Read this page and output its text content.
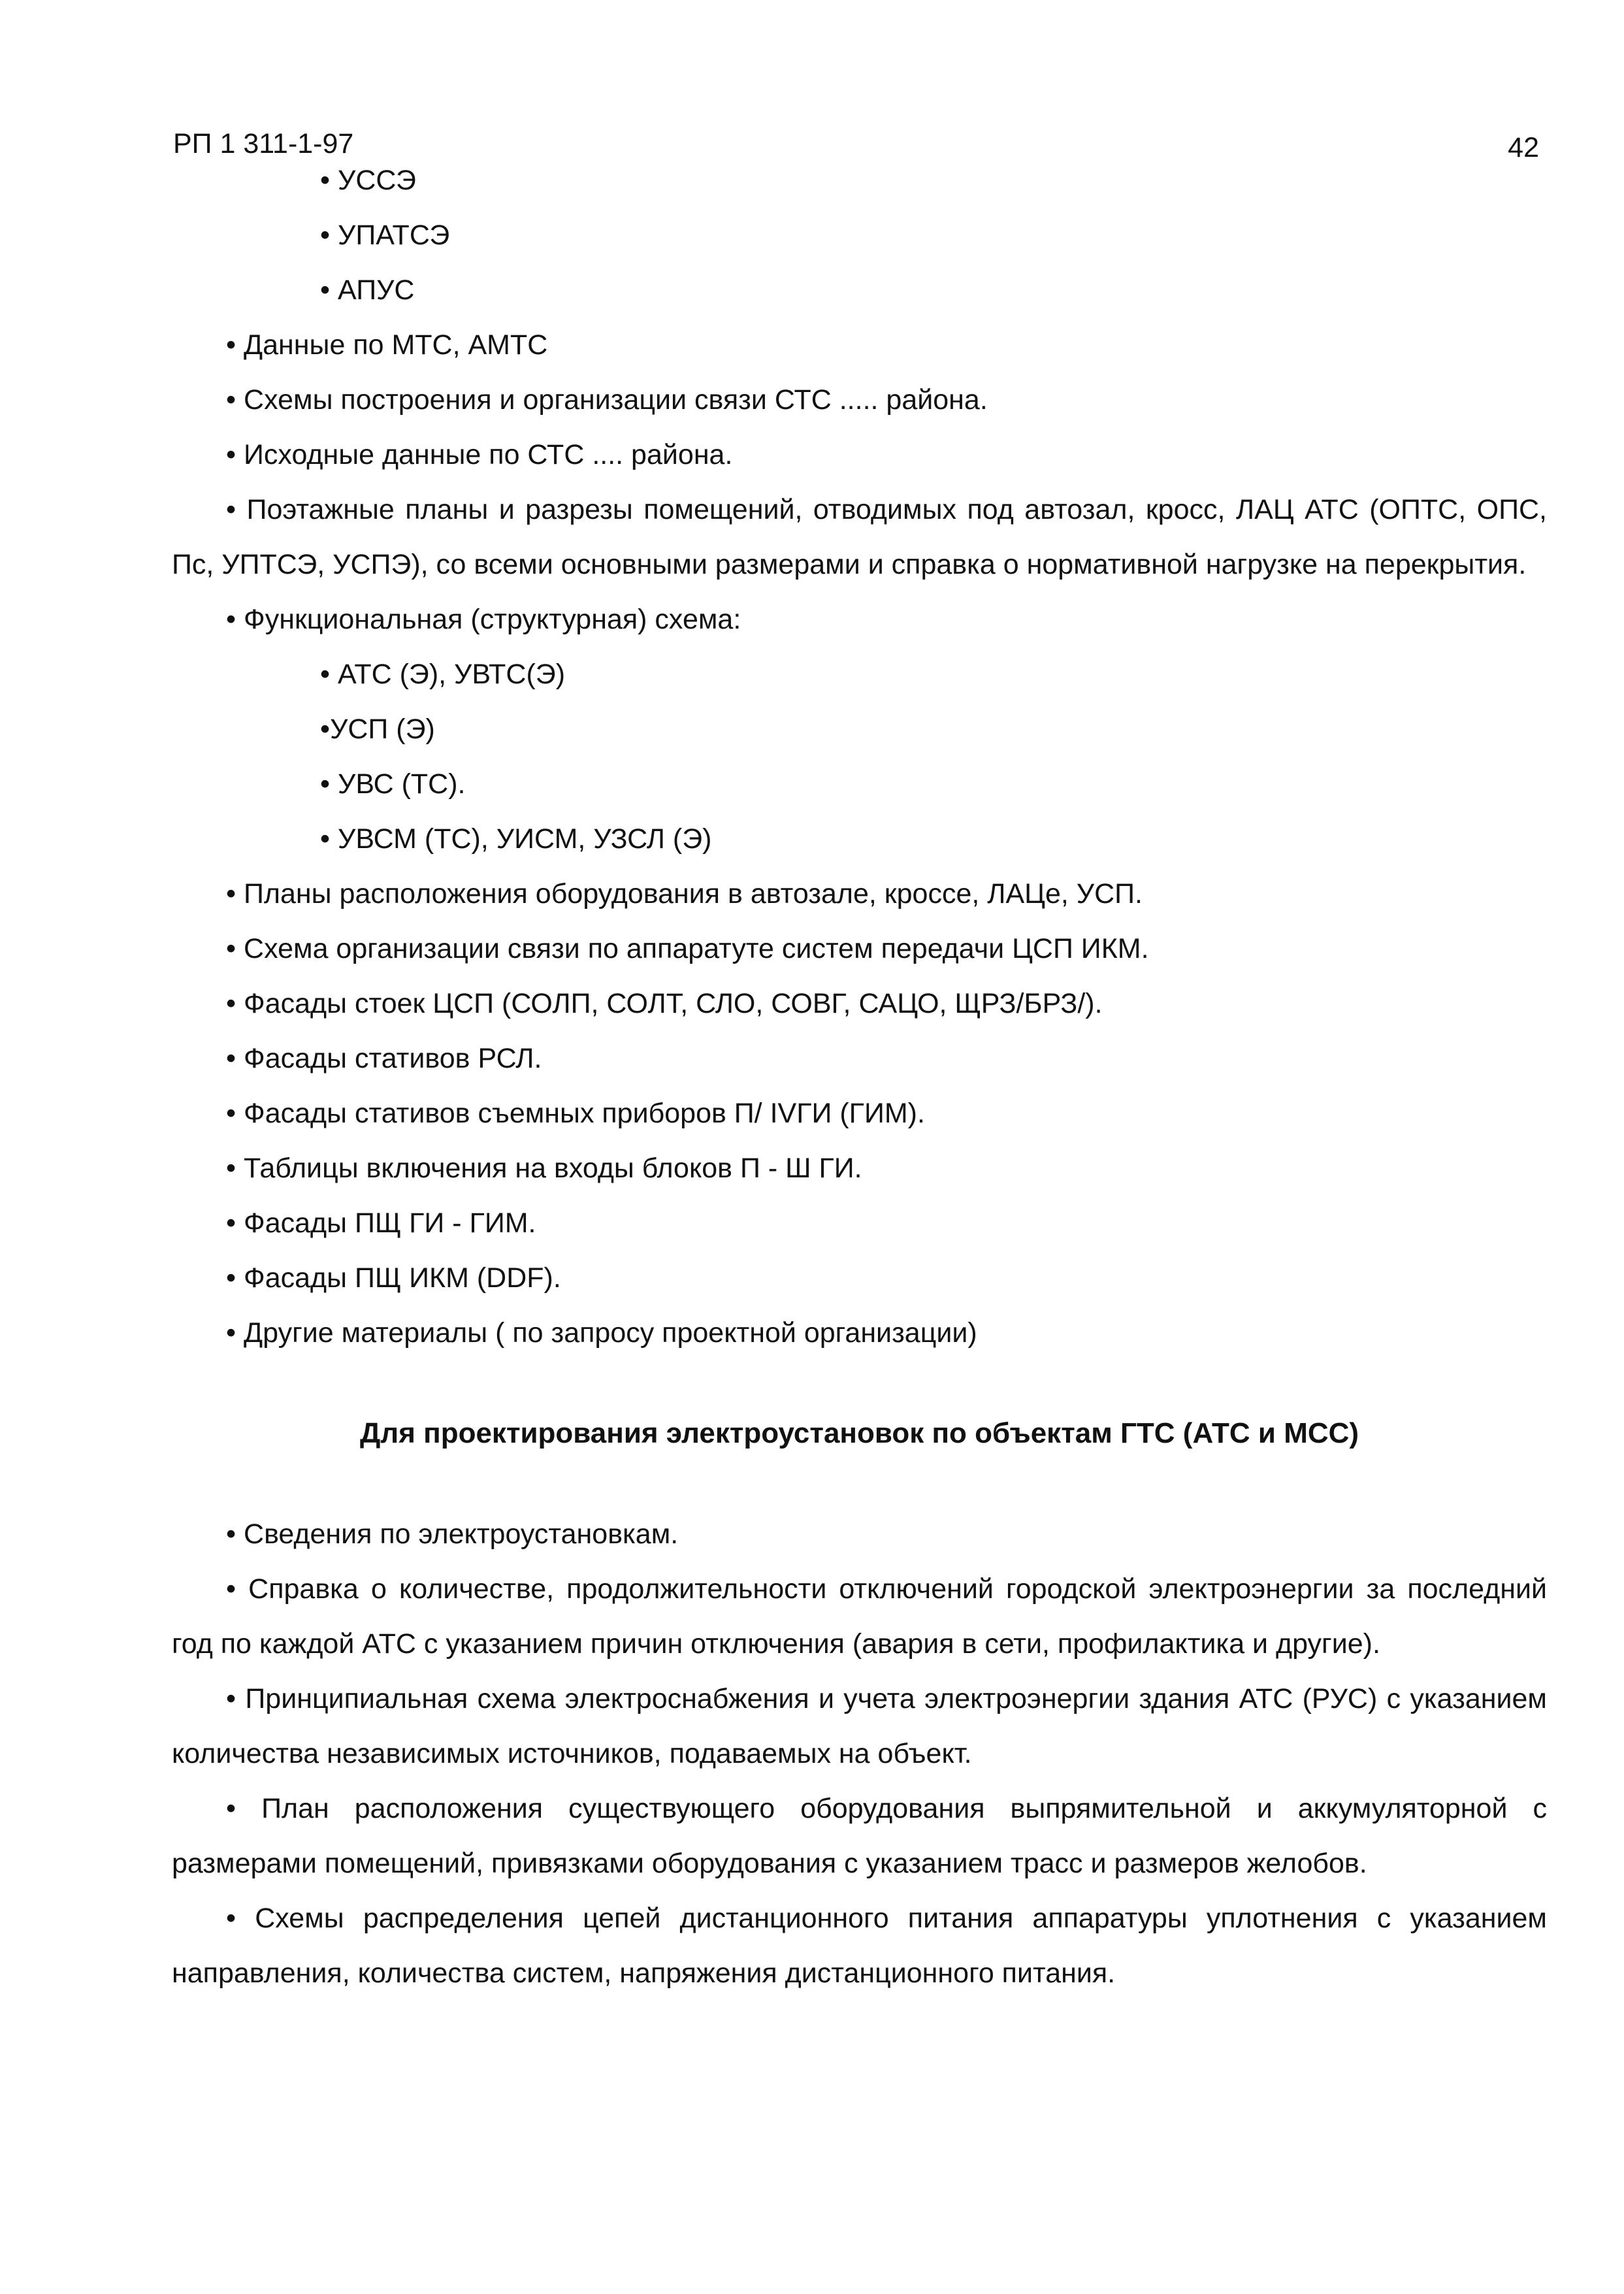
РП 1 311-1-97	42

• УССЭ

• УПАТСЭ

• АПУС

• Данные по МТС, АМТС

• Схемы построения и организации связи СТС ..... района.

• Исходные данные по СТС .... района.

• Поэтажные планы и разрезы помещений, отводимых под автозал, кросс, ЛАЦ АТС (ОПТС, ОПС, Пс, УПТСЭ, УСПЭ), со всеми основными размерами и справка о нормативной нагрузке на перекрытия.

• Функциональная (структурная) схема:

• АТС (Э), УВТС(Э)

• УСП (Э)

• УВС (ТС).

• УВСМ (ТС), УИСМ, УЗСЛ (Э)

• Планы расположения оборудования в автозале, кроссе, ЛАЦе, УСП.

• Схема организации связи по аппаратуте систем передачи ЦСП ИКМ.

• Фасады стоек ЦСП (СОЛП, СОЛТ, СЛО, СОВГ, САЦО, ЩРЗ/БРЗ/).

• Фасады стативов РСЛ.

• Фасады стативов съемных приборов П/ IVГИ (ГИМ).

• Таблицы включения на входы блоков П - Ш ГИ.

• Фасады ПЩ ГИ - ГИМ.

• Фасады ПЩ ИКМ (DDF).

• Другие материалы ( по запросу проектной организации)

Для проектирования электроустановок по объектам ГТС (АТС и МСС)

• Сведения по электроустановкам.

• Справка о количестве, продолжительности отключений городской электроэнергии за последний год по каждой АТС с указанием причин отключения (авария в сети, профилактика и другие).

• Принципиальная схема электроснабжения и учета электроэнергии здания АТС (РУС) с указанием количества независимых источников, подаваемых на объект.

• План расположения существующего оборудования выпрямительной и аккумуляторной с размерами помещений, привязками оборудования с указанием трасс и размеров желобов.

• Схемы распределения цепей дистанционного питания аппаратуры уплотнения с указанием направления, количества систем, напряжения дистанционного питания.
